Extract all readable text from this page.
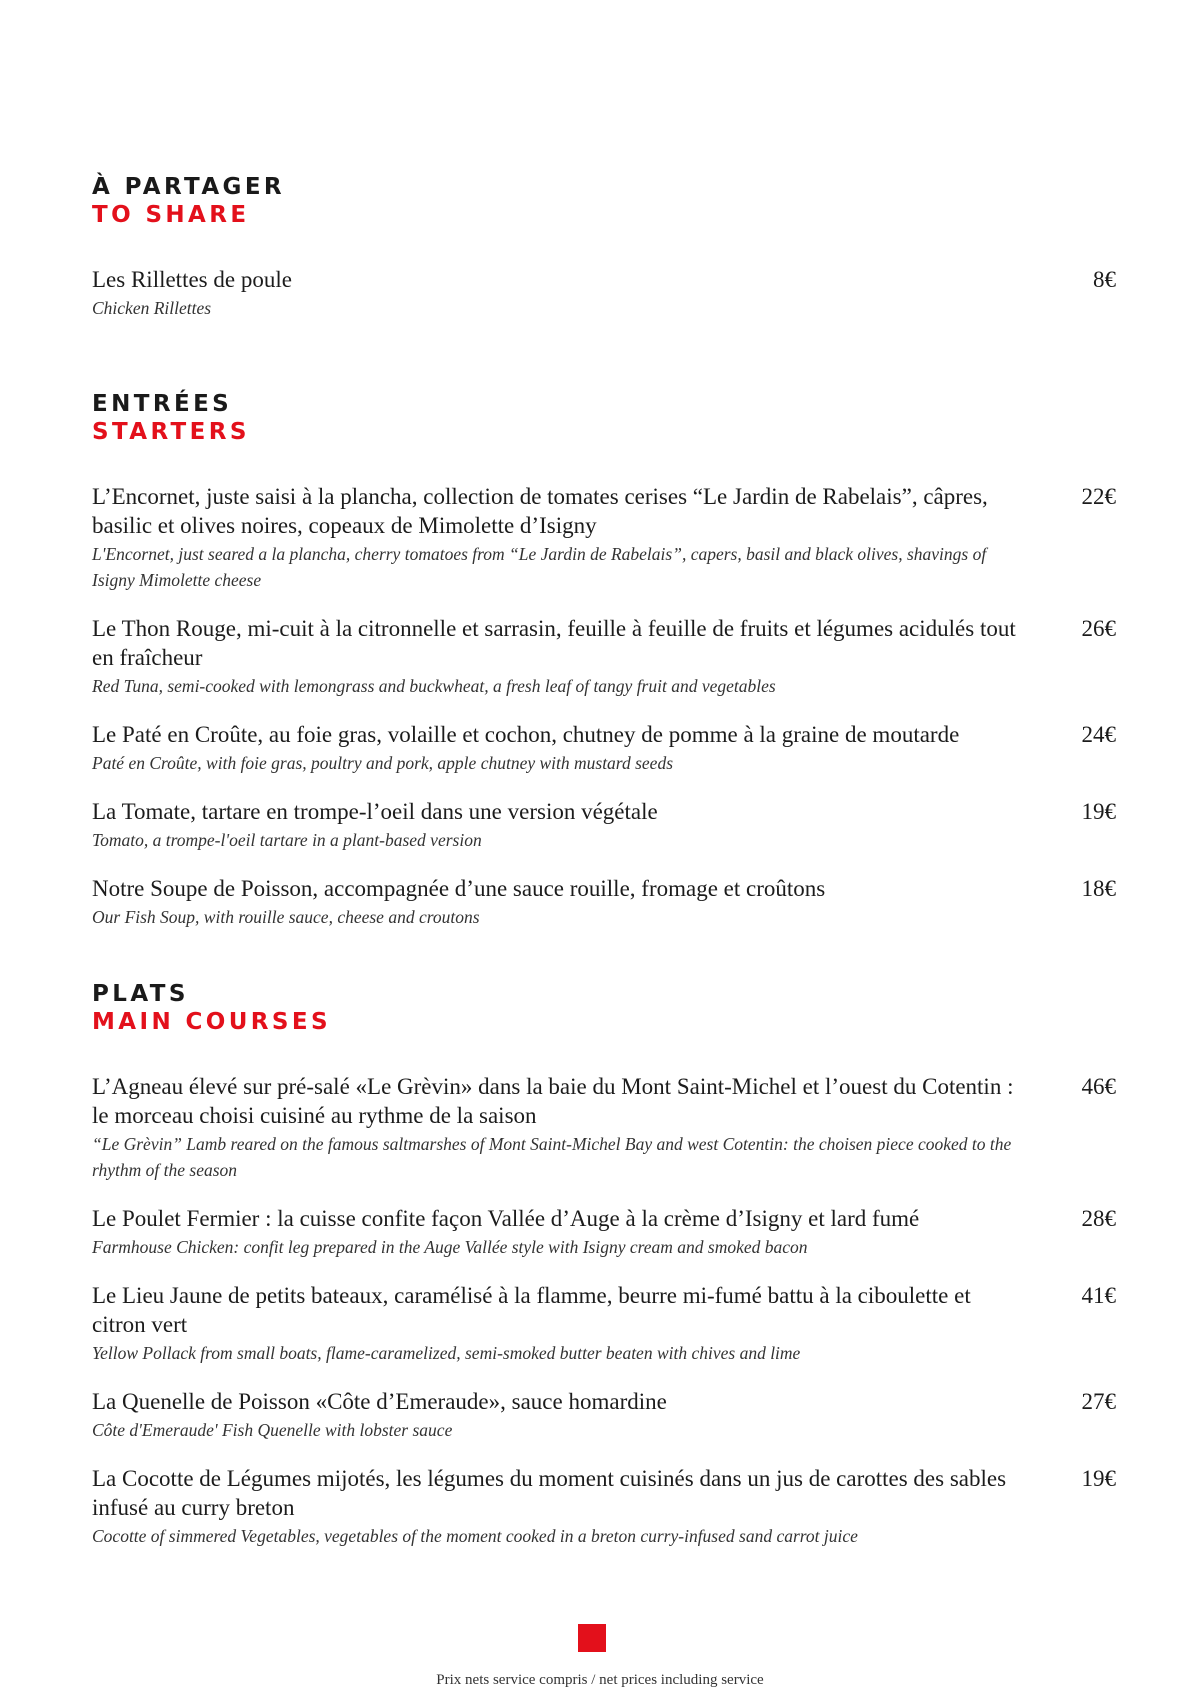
À PARTAGER
TO SHARE
Les Rillettes de poule
Chicken Rillettes
8€
ENTRÉES
STARTERS
L’Encornet, juste saisi à la plancha, collection de tomates cerises “Le Jardin de Rabelais”, câpres, basilic et olives noires, copeaux de Mimolette d’Isigny
L'Encornet, just seared a la plancha, cherry tomatoes from “Le Jardin de Rabelais”, capers, basil and black olives, shavings of Isigny Mimolette cheese
22€
Le Thon Rouge, mi-cuit à la citronnelle et sarrasin, feuille à feuille de fruits et légumes acidulés tout en fraîcheur
Red Tuna, semi-cooked with lemongrass and buckwheat, a fresh leaf of tangy fruit and vegetables
26€
Le Paté en Croûte, au foie gras, volaille et cochon, chutney de pomme à la graine de moutarde
Paté en Croûte, with foie gras, poultry and pork, apple chutney with mustard seeds
24€
La Tomate, tartare en trompe-l’oeil dans une version végétale
Tomato, a trompe-l'oeil tartare in a plant-based version
19€
Notre Soupe de Poisson, accompagnée d’une sauce rouille, fromage et croûtons
Our Fish Soup, with rouille sauce, cheese and croutons
18€
PLATS
MAIN COURSES
L’Agneau élevé sur pré-salé «Le Grèvin» dans la baie du Mont Saint-Michel et l’ouest du Cotentin : le morceau choisi cuisiné au rythme de la saison
“Le Grèvin” Lamb reared on the famous saltmarshes of Mont Saint-Michel Bay and west Cotentin: the choisen piece cooked to the rhythm of the season
46€
Le Poulet Fermier : la cuisse confite façon Vallée d’Auge à la crème d’Isigny et lard fumé
Farmhouse Chicken: confit leg prepared in the Auge Vallée style with Isigny cream and smoked bacon
28€
Le Lieu Jaune de petits bateaux, caramélisé à la flamme, beurre mi-fumé battu à la ciboulette et citron vert
Yellow Pollack from small boats, flame-caramelized, semi-smoked butter beaten with chives and lime
41€
La Quenelle de Poisson «Côte d’Emeraude», sauce homardine
Côte d'Emeraude' Fish Quenelle with lobster sauce
27€
La Cocotte de Légumes mijotés, les légumes du moment cuisinés dans un jus de carottes des sables infusé au curry breton
Cocotte of simmered Vegetables, vegetables of the moment cooked in a breton curry-infused sand carrot juice
19€
Prix nets service compris / net prices including service
